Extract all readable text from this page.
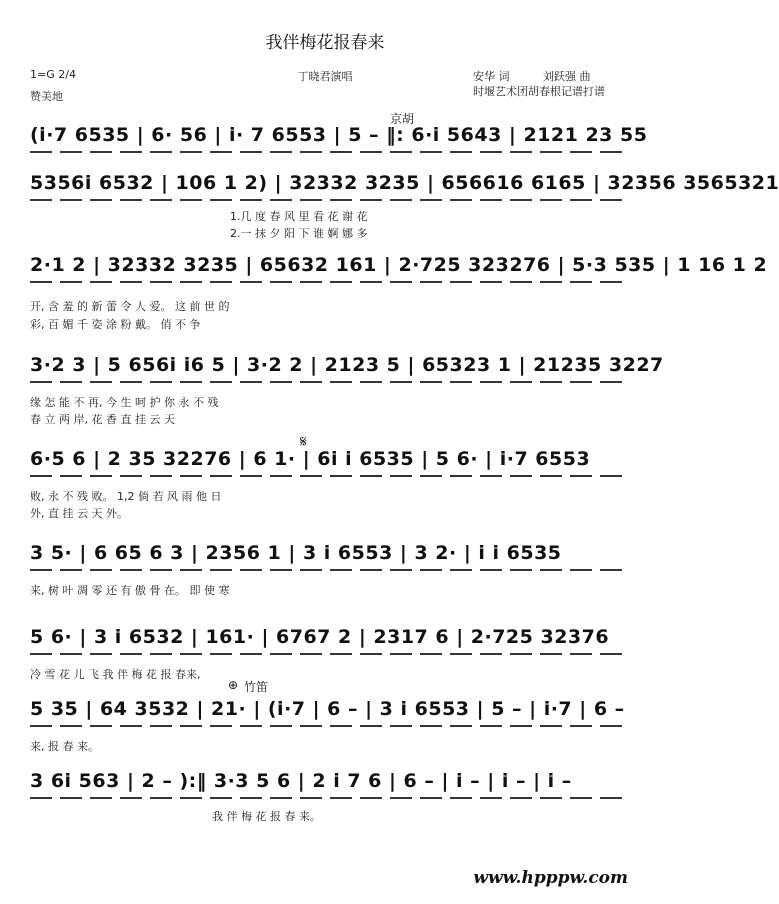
我伴梅花报春来
1=G 2/4
赞美地
丁晓君演唱	安华 词	刘跃强 曲
时堰艺术团胡春根记谱打谱
京胡
⊕ 竹笛
𝄋
(i·7 6535 | 6· 56 | i· 7 6553 | 5 – ‖: 6·i 5643 | 2121 23 55
5356i 6532 | 106 1 2) | 32332 3235 | 656616 6165 | 32356 3565321
1.几 度 春 风 里 看 花 谢 花
2.一 抹 夕 阳 下 谁 婀 娜 多
2·1 2 | 32332 3235 | 65632 161 | 2·725 323276 | 5·3 535 | 1 16 1 2
开, 含 羞 的 新 蕾 令 人 爱。 这 前 世 的
彩, 百 媚 千 姿 涂 粉 戴。 俏 不 争
3·2 3 | 5 656i i6 5 | 3·2 2 | 2123 5 | 65323 1 | 21235 3227
缘 怎 能 不 再, 今 生 呵 护 你 永 不 残
春 立 两 岸, 花 香 直 挂 云 天
6·5 6 | 2 35 32276 | 6 1· | 6i i 6535 | 5 6· | i·7 6553
败, 永 不 残 败。 1,2 倘 若 风 雨 他 日
外, 直 挂 云 天 外。
3 5· | 6 65 6 3 | 2356 1 | 3 i 6553 | 3 2· | i i 6535
来, 树 叶 凋 零 还 有 傲 骨 在。 即 使 寒
5 6· | 3 i 6532 | 161· | 6767 2 | 2317 6 | 2·725 32376
冷 雪 花 儿 飞 我 伴 梅 花 报 春来,
5 35 | 64 3532 | 21· | (i·7 | 6 – | 3 i 6553 | 5 – | i·7 | 6 –
来, 报 春 来。
3 6i 563 | 2 – ):‖ 3·3 5 6 | 2 i 7 6 | 6 – | i – | i – | i –
我 伴 梅 花 报 春 来。
www.hpppw.com
